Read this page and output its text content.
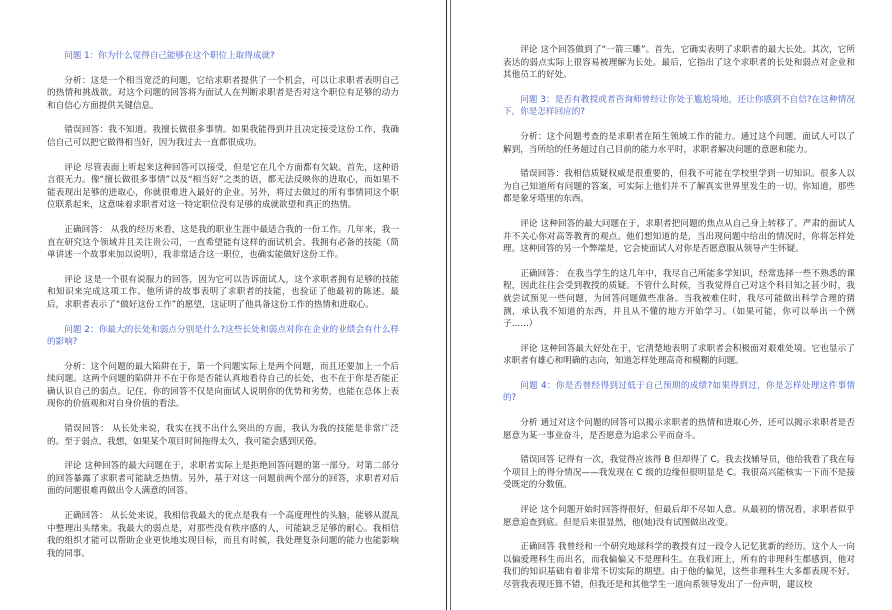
问题 1：你为什么觉得自己能够在这个职位上取得成就?

分析：这是一个相当宽泛的问题，它给求职者提供了一个机会，可以让求职者表明自己的热情和挑战欲。对这个问题的回答将为面试人在判断求职者是否对这个职位有足够的动力和自信心方面提供关键信息。

错误回答：我不知道。我擅长做很多事情。如果我能得到并且决定接受这份工作，我确信自己可以把它做得相当好，因为我过去一直都很成功。

评论 尽管表面上听起来这种回答可以接受，但是它在几个方面都有欠缺。首先，这种语言很无力。像“擅长做很多事情”以及“相当好”之类的语，都无法反映你的进取心，而如果不能表现出足够的进取心，你就很难进入最好的企业。另外，将过去做过的所有事情同这个职位联系起来，这意味着求职者对这一特定职位没有足够的成就欲望和真正的热情。

正确回答： 从我的经历来看，这是我的职业生涯中最适合我的一份工作。几年来，我一直在研究这个领域并且关注贵公司，一直希望能有这样的面试机会。我拥有必备的技能（简单讲述一个故事来加以说明），我非常适合这一职位，也确实能做好这份工作。

评论 这是一个很有说服力的回答，因为它可以告诉面试人，这个求职者拥有足够的技能和知识来完成这项工作。他所讲的故事表明了求职者的技能，也验证了他最初的陈述。最后，求职者表示了“做好这份工作”的愿望，这证明了他具备这份工作的热情和进取心。

问题 2：你最大的长处和弱点分别是什么?这些长处和弱点对你在企业的业绩会有什么样的影响?

分析：这个问题的最大陷阱在于，第一个问题实际上是两个问题，而且还要加上一个后续问题。这两个问题的陷阱并不在于你是否能认真地看待自己的长处，也不在于你是否能正确认识自己的弱点。记住，你的回答不仅是向面试人说明你的优势和劣势，也能在总体上表现你的价值观和对自身价值的看法。

错误回答： 从长处来说，我实在找不出什么突出的方面，我认为我的技能是非常广泛的。至于弱点，我想，如果某个项目时间拖得太久，我可能会感到厌倦。

评论 这种回答的最大问题在于，求职者实际上是拒绝回答问题的第一部分。对第二部分的回答暴露了求职者可能缺乏热情。另外，基于对这一问题前两个部分的回答，求职者对后面的问题很难再做出令人满意的回答。

正确回答： 从长处来说，我相信我最大的优点是我有一个高度理性的头脑，能够从混乱中整理出头绪来。我最大的弱点是，对那些没有秩序感的人，可能缺乏足够的耐心。我相信我的组织才能可以帮助企业更快地实现目标，而且有时候，我处理复杂问题的能力也能影响我的同事。

评论 这个回答做到了“一箭三雕”。首先，它确实表明了求职者的最大长处。其次，它所表达的弱点实际上很容易被理解为长处。最后，它指出了这个求职者的长处和弱点对企业和其他员工的好处。

问题 3：是否有教授或者咨询师曾经让你处于尴尬境地，还让你感到不自信?在这种情况下，你是怎样回应的?

分析：这个问题考查的是求职者在陌生领域工作的能力。通过这个问题，面试人可以了解到，当所给的任务超过自己目前的能力水平时，求职者解决问题的意愿和能力。

错误回答：我相信质疑权威是很重要的，但我不可能在学校里学到一切知识。很多人以为自己知道所有问题的答案，可实际上他们并不了解真实世界里发生的一切。你知道，那些都是象牙塔里的东西。

评论 这种回答的最大问题在于，求职者把问题的焦点从自己身上转移了。严肃的面试人并不关心你对高等教育的观点。他们想知道的是，当出现问题中给出的情况时，你将怎样处理。这种回答的另一个弊端是，它会使面试人对你是否愿意服从领导产生怀疑。

正确回答： 在我当学生的这几年中，我尽自己所能多学知识，经常选择一些不熟悉的课程，因此往往会受到教授的质疑。不管什么时候，当我觉得自己对这个科目知之甚少时，我就尝试预见一些问题，为回答问题做些准备。当我被难住时，我尽可能做出科学合理的猜测，承认我不知道的东西，并且从不懂的地方开始学习。（如果可能，你可以举出一个例子……）

评论 这种回答最大好处在于，它清楚地表明了求职者会积极面对艰难处境。它也显示了求职者有雄心和明确的志向，知道怎样处理高奇和模糊的问题。

问题 4：你是否曾经得到过低于自己预期的成绩?如果得到过，你是怎样处理这件事情的?

分析 通过对这个问题的回答可以揭示求职者的热情和进取心外，还可以揭示求职者是否愿意为某一事业奋斗，是否愿意为追求公平而奋斗。

错误回答 记得有一次，我觉得应该得 B 但却得了 C。我去找辅导员，他给我看了我在每个项目上的得分情况——我发现在 C 级的边缘但很明显是 C。我很高兴能核实一下而不是接受既定的分数值。

评论 这个问题开始时回答得很好，但最后却不尽如人意。从最初的情况看，求职者似乎愿意追查到底。但是后来很显然，他(她)没有试图做出改变。

正确回答 我曾经和一个研究地球科学的教授有过一段令人记忆犹新的经历。这个人一向以偏爱理科生而出名，而我偏偏又不是理科生。在我们班上，所有的非理科生都感到，他对我们的知识基础有着非常不切实际的期望。由于他的偏见，这些非理科生大多都表现不好。尽管我表现还算不错，但我还是和其他学生一道向系领导发出了一份声明，建议校
